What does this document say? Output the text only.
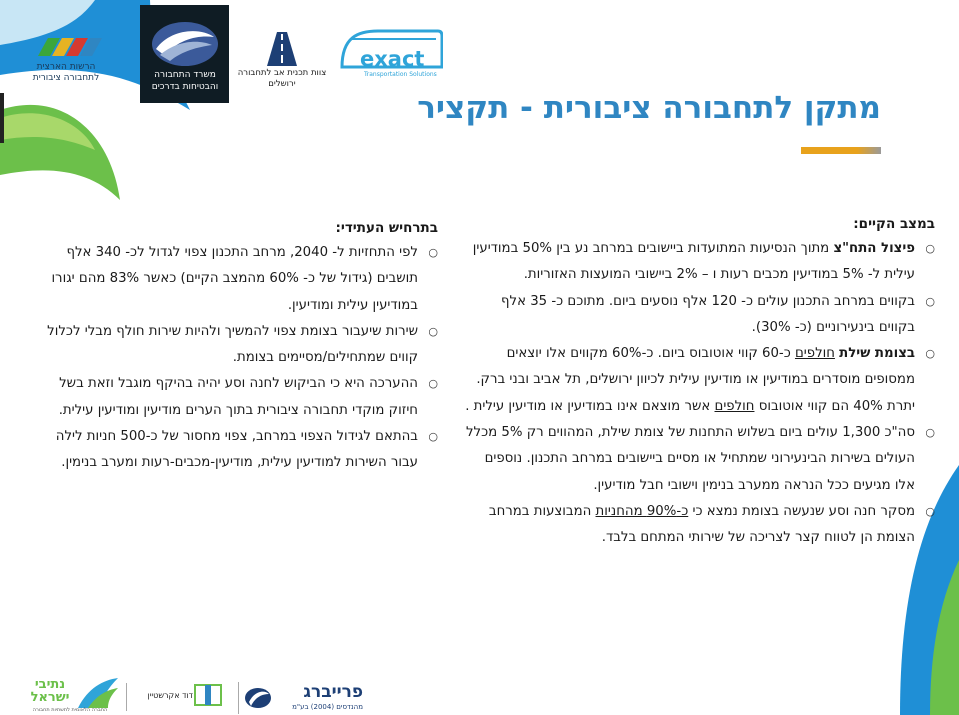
הרשות הארצית לתחבורה ציבורית	משרד התחבורה והבטיחות בדרכים
צוות תכנית אב לתחבורה ירושלים
exact
Transportation Solutions
מתקן לתחבורה ציבורית - תקציר
במצב הקיים:
○
פיצול התח"צ מתוך הנסיעות המתועדות ביישובים במרחב נע בין 50% במודיעין עילית ל- 5% במודיעין מכבים רעות ו – 2% ביישובי המועצות האזוריות.
○
בקווים במרחב התכנון עולים כ- 120 אלף נוסעים ביום. מתוכם כ- 35 אלף בקווים בינעירוניים (כ- 30%).
○
בצומת שילת חולפים כ-60 קווי אוטובוס ביום. כ-60% מקווים אלו יוצאים ממסופים מוסדרים במודיעין או מודיעין עילית לכיוון ירושלים, תל אביב ובני ברק. יתרת 40% הם קווי אוטובוס חולפים אשר מוצאם אינו במודיעין או מודיעין עילית .
○
סה"כ 1,300 עולים ביום בשלוש התחנות של צומת שילת, המהווים רק 5% מכלל העולים בשירות הבינעירוני שמתחיל או מסיים ביישובים במרחב התכנון. נוספים אלו מגיעים ככל הנראה ממערב בנימין וישובי חבל מודיעין.
○
מסקר חנה וסע שנעשה בצומת נמצא כי כ-90% מהחניות המבוצעות במרחב הצומת הן לטווח קצר לצריכה של שירותי המתחם בלבד.
בתרחיש העתידי:
○
לפי התחזיות ל- 2040, מרחב התכנון צפוי לגדול לכ- 340 אלף תושבים (גידול של כ- 60% מהמצב הקיים) כאשר 83% מהם יגורו במודיעין עילית ומודיעין.
○
שירות שיעבור בצומת צפוי להמשיך ולהיות שירות חולף מבלי לכלול קווים שמתחילים/מסיימים בצומת.
○
ההערכה היא כי הביקוש לחנה וסע יהיה בהיקף מוגבל וזאת בשל חיזוק מוקדי תחבורה ציבורית בתוך הערים מודיעין ומודיעין עילית.
○
בהתאם לגידול הצפוי במרחב, צפוי מחסור של כ-500 חניות לילה עבור השירות למודיעין עילית, מודיעין-מכבים-רעות ומערב בנימין.
נתיבי ישראל
החברה הלאומית לתשתיות תחבורה
דוד אקרשטיין	פרייברג
מהנדסים (2004) בע"מ
